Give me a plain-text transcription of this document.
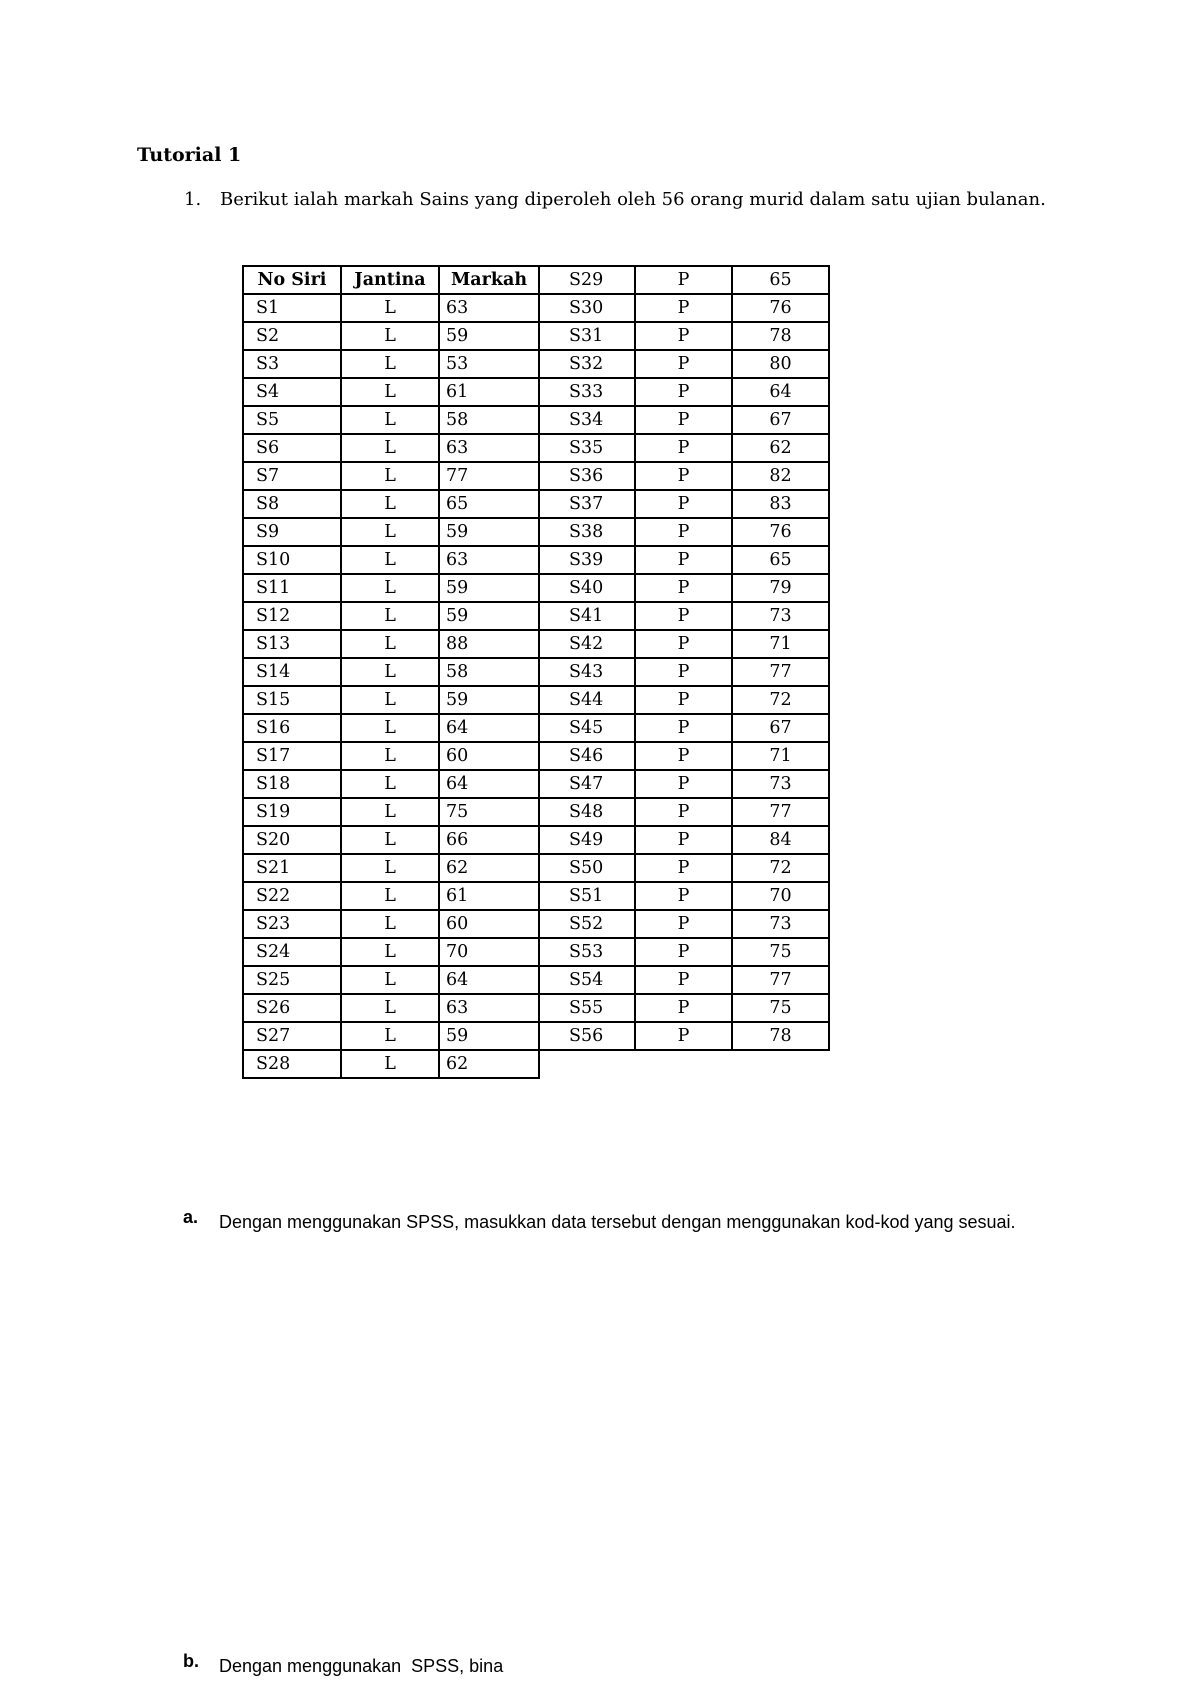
Tutorial 1
1. Berikut ialah markah Sains yang diperoleh oleh 56 orang murid dalam satu ujian bulanan.
No Siri	Jantina	Markah	S29	P	65
S1	L	63	S30	P	76
S2	L	59	S31	P	78
S3	L	53	S32	P	80
S4	L	61	S33	P	64
S5	L	58	S34	P	67
S6	L	63	S35	P	62
S7	L	77	S36	P	82
S8	L	65	S37	P	83
S9	L	59	S38	P	76
S10	L	63	S39	P	65
S11	L	59	S40	P	79
S12	L	59	S41	P	73
S13	L	88	S42	P	71
S14	L	58	S43	P	77
S15	L	59	S44	P	72
S16	L	64	S45	P	67
S17	L	60	S46	P	71
S18	L	64	S47	P	73
S19	L	75	S48	P	77
S20	L	66	S49	P	84
S21	L	62	S50	P	72
S22	L	61	S51	P	70
S23	L	60	S52	P	73
S24	L	70	S53	P	75
S25	L	64	S54	P	77
S26	L	63	S55	P	75
S27	L	59	S56	P	78
S28	L	62			
a. Dengan menggunakan SPSS, masukkan data tersebut dengan menggunakan kod-kod yang sesuai.
b. Dengan menggunakan  SPSS, bina
